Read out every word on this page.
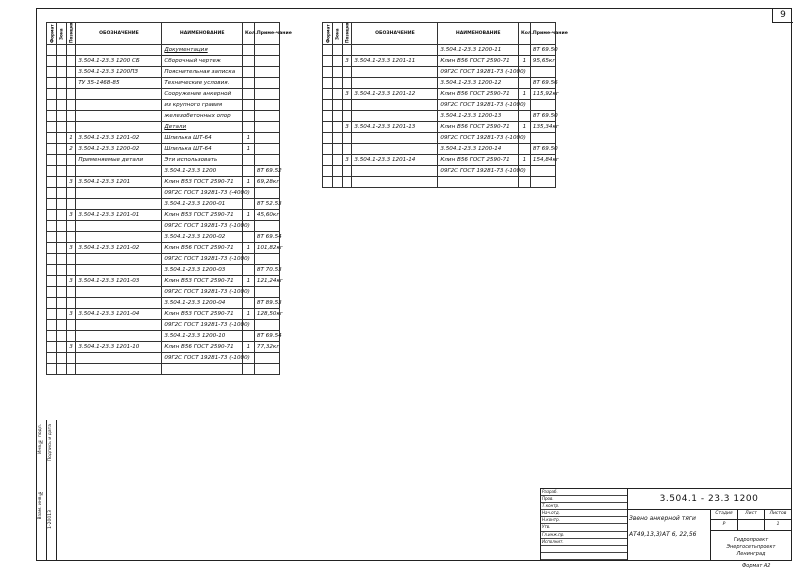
9
Формат	Зона	Позиция	ОБОЗНАЧЕНИЕ	НАИМЕНОВАНИЕ	Кол.	Приме-чание
				Документация		
			3.504.1-23.3 1200 СБ	Сборочный чертеж		
			3.504.1-23.3 1200ПЗ	Пояснительная записка		
			ТУ 35-1468-85	Технические условия.		
				Сооружение анкерной		
				из крупного гравия		
				железобетонных опор		
				Детали		
		1	3.504.1-23.3 1201-02	Шпилька ШТ-64	1	
		2	3.504.1-23.3 1200-02	Шпилька ШТ-64	1	
			Применяемые детали	Эти использовать		
				3.504.1-23.3 1200		8Т 69.52
		3	3.504.1-23.3 1201	Клин В53 ГОСТ 2590-71	1	69,28кг
				09Г2С ГОСТ 19281-73 (-4000)		
				3.504.1-23.3 1200-01		8Т 52.53
		3	3.504.1-23.3 1201-01	Клин В53 ГОСТ 2590-71	1	45,60кг
				09Г2С ГОСТ 19281-73 (-1000)		
				3.504.1-23.3 1200-02		8Т 69.54
		3	3.504.1-23.3 1201-02	Клин В56 ГОСТ 2590-71	1	101,82кг
				09Г2С ГОСТ 19281-73 (-1000)		
				3.504.1-23.3 1200-03		8Т 70.53
		3	3.504.1-23.3 1201-03	Клин В53 ГОСТ 2590-71	1	121,24кг
				09Г2С ГОСТ 19281-73 (-1000)		
				3.504.1-23.3 1200-04		8Т 89.53
		3	3.504.1-23.3 1201-04	Клин В53 ГОСТ 2590-71	1	128,50кг
				09Г2С ГОСТ 19281-73 (-1000)		
				3.504.1-23.3 1200-10		8Т 69.54
		3	3.504.1-23.3 1201-10	Клин В56 ГОСТ 2590-71	1	77,32кг
				09Г2С ГОСТ 19281-73 (-1000)		

Формат	Зона	Позиция	ОБОЗНАЧЕНИЕ	НАИМЕНОВАНИЕ	Кол.	Приме-чание
				3.504.1-23.3 1200-11		8Т 69.50
		3	3.504.1-23.3 1201-11	Клин В56 ГОСТ 2590-71	1	95,65кг
				09Г2С ГОСТ 19281-73 (-1000)		
				3.504.1-23.3 1200-12		8Т 69.56
		3	3.504.1-23.3 1201-12	Клин В56 ГОСТ 2590-71	1	115,92кг
				09Г2С ГОСТ 19281-73 (-1000)		
				3.504.1-23.3 1200-13		8Т 69.50
		3	3.504.1-23.3 1201-13	Клин В56 ГОСТ 2590-71	1	135,34кг
				09Г2С ГОСТ 19281-73 (-1000)		
				3.504.1-23.3 1200-14		8Т 69.50
		3	3.504.1-23.3 1201-14	Клин В56 ГОСТ 2590-71	1	154,84кг
				09Г2С ГОСТ 19281-73 (-1000)		

Инв.№ подл. Подпись и дата
Взам. инв.№ 1-20013
Разраб.
Пров.
Т.контр.
Нач.отд.
Н.контр.
Утв.
Гл.инж.пр.
Исполнит.
3.504.1 - 23.3 1200
Звено анкерной тяги
АТ49,13,3)АТ 6, 22,56
Стадия	Лист	Листов
Р	1
Гидропроект
Энергосетьпроект
Ленинград
Формат А2
